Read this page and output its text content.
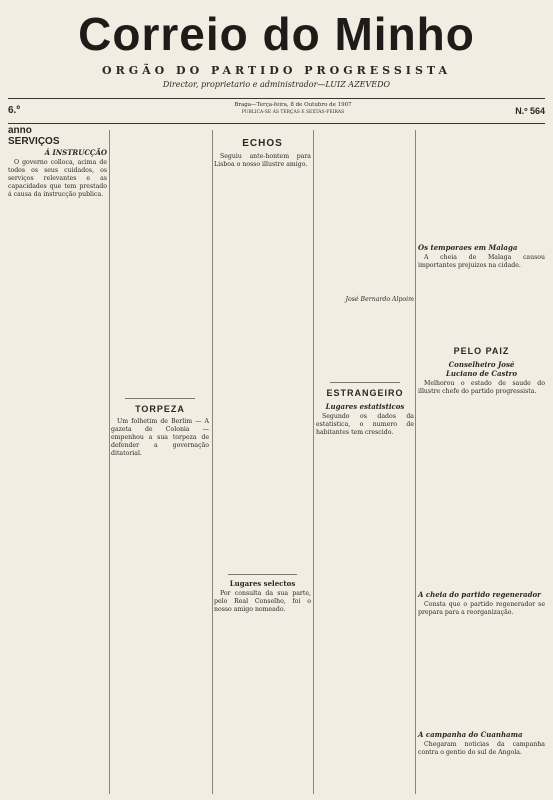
Correio do Minho
ORGÃO DO PARTIDO PROGRESSISTA
Director, proprietario e administrador—LUIZ AZEVEDO
6.º anno
Braga—Terça-feira, 8 de Outubro de 1907
PUBLICA-SE ÁS TERÇAS E SEXTAS-FEIRAS	N.º 564
SERVIÇOS
Á INSTRUCÇÃO

O governo colloca, acima de todos os seus cuidados, os serviços relevantes e as capacidades que tem prestado á causa da instrucção publica.

TORPEZA

Um folhetim de Berlim — A gazeta de Colonia — empenhou a sua torpeza de defender a governação ditatorial.

ECHOS

Seguiu ante-hontem para Lisboa o nosso illustre amigo.

Lugares selectos

Por consulta da sua parte, pelo Real Conselho, foi o nosso amigo nomeado.

José Bernardo Alpoim
ESTRANGEIRO
Lugares estatisticos

Segundo os dados da estatistica, o numero de habitantes tem crescido.

Os temporaes em Malaga

A cheia de Malaga causou importantes prejuizos na cidade.

PELO PAIZ
Conselheiro José
Luciano de Castro

Melhorou o estado de saude do illustre chefe do partido progressista.

A cheia do partido regenerador

Consta que o partido regenerador se prepara para a reorganização.

A campanha do Cuanhama

Chegaram noticias da campanha contra o gentio do sul de Angola.
